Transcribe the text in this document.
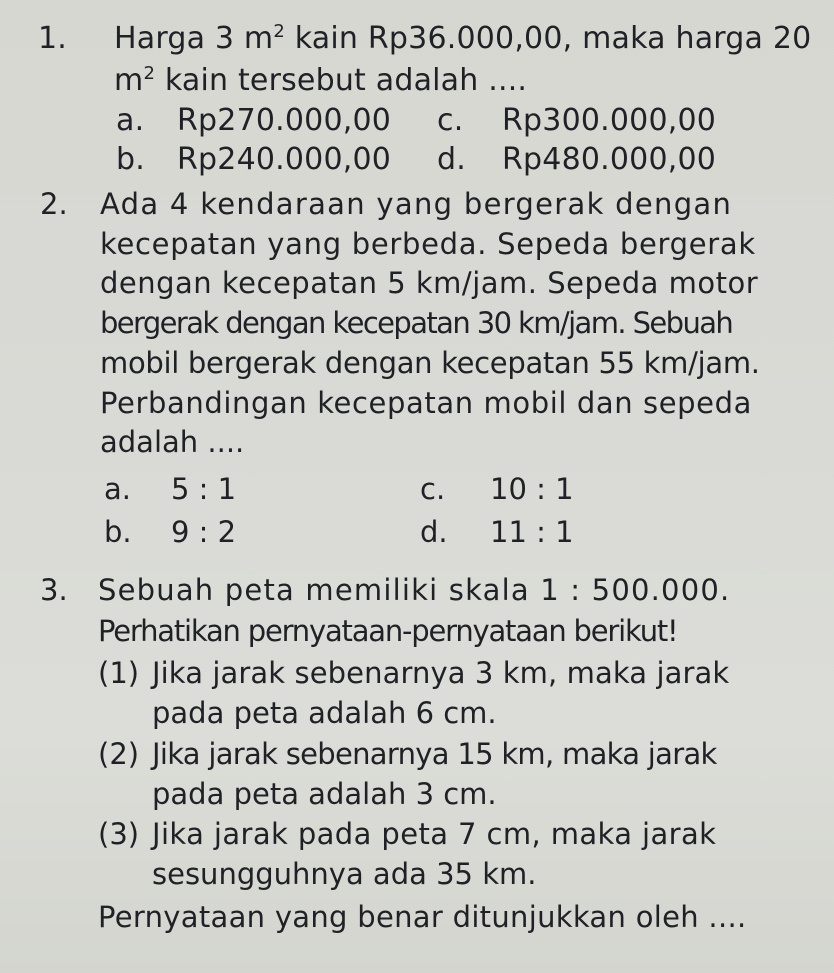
1. Harga 3 $m^2$ kain Rp36.000,00, maka harga 20
$m^2$ kain tersebut adalah ....
a. Rp270.000,00 c. Rp300.000,00
b. Rp240.000,00 d. Rp480.000,00
2. Ada 4 kendaraan yang bergerak dengan
kecepatan yang berbeda. Sepeda bergerak
dengan kecepatan 5 km/jam. Sepeda motor
bergerak dengan kecepatan 30 km/jam. Sebuah
mobil bergerak dengan kecepatan 55 km/jam.
Perbandingan kecepatan mobil dan sepeda
adalah ....
a. 5 : 1	c. 10 : 1
b. 9 : 2	d. 11 : 1
3. Sebuah peta memiliki skala 1 : 500.000.
Perhatikan pernyataan-pernyataan berikut!
(1) Jika jarak sebenarnya 3 km, maka jarak
pada peta adalah 6 cm.
(2) Jika jarak sebenarnya 15 km, maka jarak
pada peta adalah 3 cm.
(3) Jika jarak pada peta 7 cm, maka jarak
sesungguhnya ada 35 km.
Pernyataan yang benar ditunjukkan oleh ....
